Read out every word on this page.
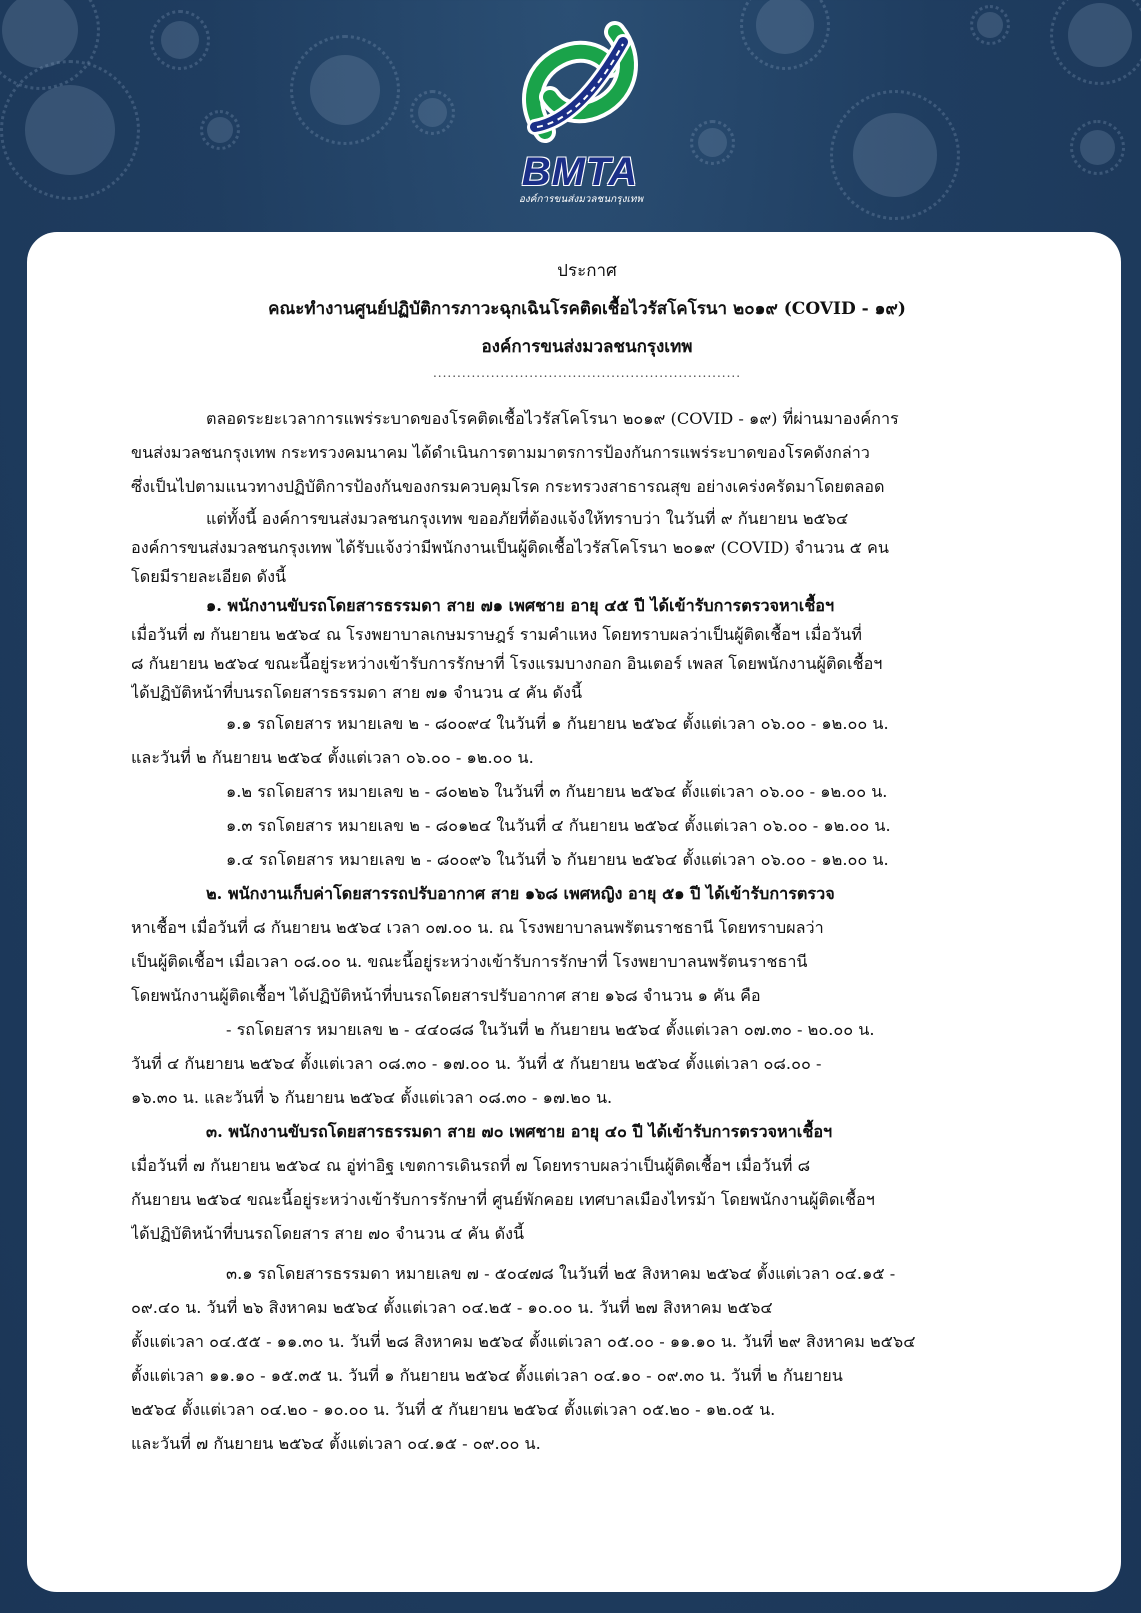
BMTA
องค์การขนส่งมวลชนกรุงเทพ
ประกาศ
คณะทำงานศูนย์ปฏิบัติการภาวะฉุกเฉินโรคติดเชื้อไวรัสโคโรนา ๒๐๑๙ (COVID - ๑๙)
องค์การขนส่งมวลชนกรุงเทพ
................................................................

ตลอดระยะเวลาการแพร่ระบาดของโรคติดเชื้อไวรัสโคโรนา ๒๐๑๙ (COVID - ๑๙) ที่ผ่านมาองค์การ

ขนส่งมวลชนกรุงเทพ กระทรวงคมนาคม ได้ดำเนินการตามมาตรการป้องกันการแพร่ระบาดของโรคดังกล่าว

ซึ่งเป็นไปตามแนวทางปฏิบัติการป้องกันของกรมควบคุมโรค กระทรวงสาธารณสุข อย่างเคร่งครัดมาโดยตลอด

แต่ทั้งนี้ องค์การขนส่งมวลชนกรุงเทพ ขออภัยที่ต้องแจ้งให้ทราบว่า ในวันที่ ๙ กันยายน ๒๕๖๔

องค์การขนส่งมวลชนกรุงเทพ ได้รับแจ้งว่ามีพนักงานเป็นผู้ติดเชื้อไวรัสโคโรนา ๒๐๑๙ (COVID) จำนวน ๕ คน

โดยมีรายละเอียด ดังนี้

๑. พนักงานขับรถโดยสารธรรมดา สาย ๗๑ เพศชาย อายุ ๔๕ ปี ได้เข้ารับการตรวจหาเชื้อฯ

เมื่อวันที่ ๗ กันยายน ๒๕๖๔ ณ โรงพยาบาลเกษมราษฎร์ รามคำแหง โดยทราบผลว่าเป็นผู้ติดเชื้อฯ เมื่อวันที่

๘ กันยายน ๒๕๖๔ ขณะนี้อยู่ระหว่างเข้ารับการรักษาที่ โรงแรมบางกอก อินเตอร์ เพลส โดยพนักงานผู้ติดเชื้อฯ

ได้ปฏิบัติหน้าที่บนรถโดยสารธรรมดา สาย ๗๑ จำนวน ๔ คัน ดังนี้

๑.๑ รถโดยสาร หมายเลข ๒ - ๘๐๐๙๔ ในวันที่ ๑ กันยายน ๒๕๖๔ ตั้งแต่เวลา ๐๖.๐๐ - ๑๒.๐๐ น.

และวันที่ ๒ กันยายน ๒๕๖๔ ตั้งแต่เวลา ๐๖.๐๐ - ๑๒.๐๐ น.

๑.๒ รถโดยสาร หมายเลข ๒ - ๘๐๒๒๖ ในวันที่ ๓ กันยายน ๒๕๖๔ ตั้งแต่เวลา ๐๖.๐๐ - ๑๒.๐๐ น.

๑.๓ รถโดยสาร หมายเลข ๒ - ๘๐๑๒๔ ในวันที่ ๔ กันยายน ๒๕๖๔ ตั้งแต่เวลา ๐๖.๐๐ - ๑๒.๐๐ น.

๑.๔ รถโดยสาร หมายเลข ๒ - ๘๐๐๙๖ ในวันที่ ๖ กันยายน ๒๕๖๔ ตั้งแต่เวลา ๐๖.๐๐ - ๑๒.๐๐ น.

๒. พนักงานเก็บค่าโดยสารรถปรับอากาศ สาย ๑๖๘ เพศหญิง อายุ ๕๑ ปี ได้เข้ารับการตรวจ

หาเชื้อฯ เมื่อวันที่ ๘ กันยายน ๒๕๖๔ เวลา ๐๗.๐๐ น. ณ โรงพยาบาลนพรัตนราชธานี โดยทราบผลว่า

เป็นผู้ติดเชื้อฯ เมื่อเวลา ๐๘.๐๐ น. ขณะนี้อยู่ระหว่างเข้ารับการรักษาที่ โรงพยาบาลนพรัตนราชธานี

โดยพนักงานผู้ติดเชื้อฯ ได้ปฏิบัติหน้าที่บนรถโดยสารปรับอากาศ สาย ๑๖๘ จำนวน ๑ คัน คือ

- รถโดยสาร หมายเลข ๒ - ๔๔๐๘๘ ในวันที่ ๒ กันยายน ๒๕๖๔ ตั้งแต่เวลา ๐๗.๓๐ - ๒๐.๐๐ น.

วันที่ ๔ กันยายน ๒๕๖๔ ตั้งแต่เวลา ๐๘.๓๐ - ๑๗.๐๐ น. วันที่ ๕ กันยายน ๒๕๖๔ ตั้งแต่เวลา ๐๘.๐๐ -

๑๖.๓๐ น. และวันที่ ๖ กันยายน ๒๕๖๔ ตั้งแต่เวลา ๐๘.๓๐ - ๑๗.๒๐ น.

๓. พนักงานขับรถโดยสารธรรมดา สาย ๗๐ เพศชาย อายุ ๔๐ ปี ได้เข้ารับการตรวจหาเชื้อฯ

เมื่อวันที่ ๗ กันยายน ๒๕๖๔ ณ อู่ท่าอิฐ เขตการเดินรถที่ ๗ โดยทราบผลว่าเป็นผู้ติดเชื้อฯ เมื่อวันที่ ๘

กันยายน ๒๕๖๔ ขณะนี้อยู่ระหว่างเข้ารับการรักษาที่ ศูนย์พักคอย เทศบาลเมืองไทรม้า โดยพนักงานผู้ติดเชื้อฯ

ได้ปฏิบัติหน้าที่บนรถโดยสาร สาย ๗๐ จำนวน ๔ คัน ดังนี้

๓.๑ รถโดยสารธรรมดา หมายเลข ๗ - ๕๐๔๗๘ ในวันที่ ๒๕ สิงหาคม ๒๕๖๔ ตั้งแต่เวลา ๐๔.๑๕ -

๐๙.๔๐ น. วันที่ ๒๖ สิงหาคม ๒๕๖๔ ตั้งแต่เวลา ๐๔.๒๕ - ๑๐.๐๐ น. วันที่ ๒๗ สิงหาคม ๒๕๖๔

ตั้งแต่เวลา ๐๔.๕๕ - ๑๑.๓๐ น. วันที่ ๒๘ สิงหาคม ๒๕๖๔ ตั้งแต่เวลา ๐๕.๐๐ - ๑๑.๑๐ น. วันที่ ๒๙ สิงหาคม ๒๕๖๔

ตั้งแต่เวลา ๑๑.๑๐ - ๑๕.๓๕ น. วันที่ ๑ กันยายน ๒๕๖๔ ตั้งแต่เวลา ๐๔.๑๐ - ๐๙.๓๐ น. วันที่ ๒ กันยายน

๒๕๖๔ ตั้งแต่เวลา ๐๔.๒๐ - ๑๐.๐๐ น. วันที่ ๕ กันยายน ๒๕๖๔ ตั้งแต่เวลา ๐๕.๒๐ - ๑๒.๐๕ น.

และวันที่ ๗ กันยายน ๒๕๖๔ ตั้งแต่เวลา ๐๔.๑๕ - ๐๙.๐๐ น.
